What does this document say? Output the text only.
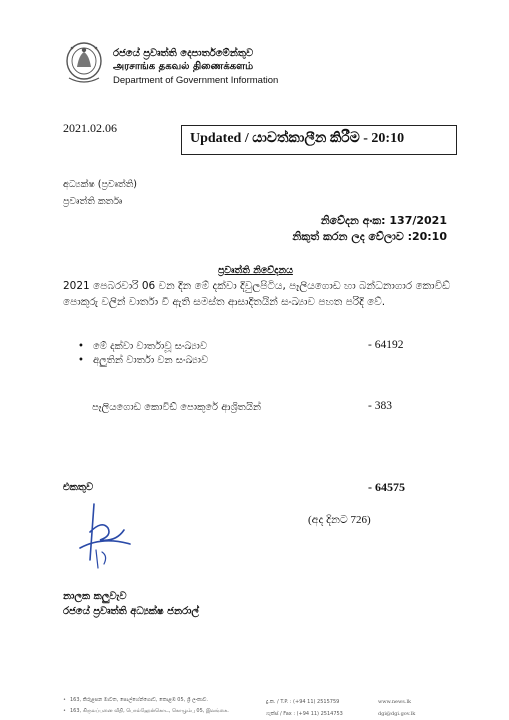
රජයේ ප්‍රවෘත්ති දෙපාර්තමේන්තුව
அரசாங்க தகவல் திணைக்களம்
Department of Government Information
2021.02.06
Updated / යාවත්කාලීන කිරීම - 20:10
අධ්‍යක්ෂ (ප්‍රවෘත්ති)
ප්‍රවෘත්ති කර්තෘ
නිවේදන අංක: 137/2021
නිකුත් කරන ලද වේලාව :20:10
ප්‍රවෘත්ති නිවේදනය
2021 පෙබරවාරි 06 වන දින මේ දක්වා දිවුලපිටිය, පෑලියගොඩ හා බන්ධනාගාර කොවිඩ්
පොකුරු වලින් වාර්තා වී ඇති සමස්ත ආසාදිතයින් සංඛ්‍යාව පහත පරිදි වේ.
• මේ දක්වා වාර්තාවූ සංඛ්‍යාව	- 64192
• අලුතින් වාර්තා වන සංඛ්‍යාව
පෑලියගොඩ කොවිඩ් පොකුරේ ආශ්‍රිතයින්	- 383
එකතුව	- 64575
(අද දිනට 726)
නාලක කලුවැව
රජයේ ප්‍රවෘත්ති අධ්‍යක්ෂ ජනරාල්
• 163, කිරුළපන මාවත, පොල්හේන්ගොඩ, කොළඹ 05, ශ්‍රී ලංකාව.
• 163, கிருலப்பனை வீதி, பொல்ஹேன்கொட, கொழும்பு 05, இலங்கை.
දු.ක. / T.P. : (+94 11) 2515759
ෆැක්ස් / Fax : (+94 11) 2514753
www.news.lk
dgi@dgi.gov.lk
